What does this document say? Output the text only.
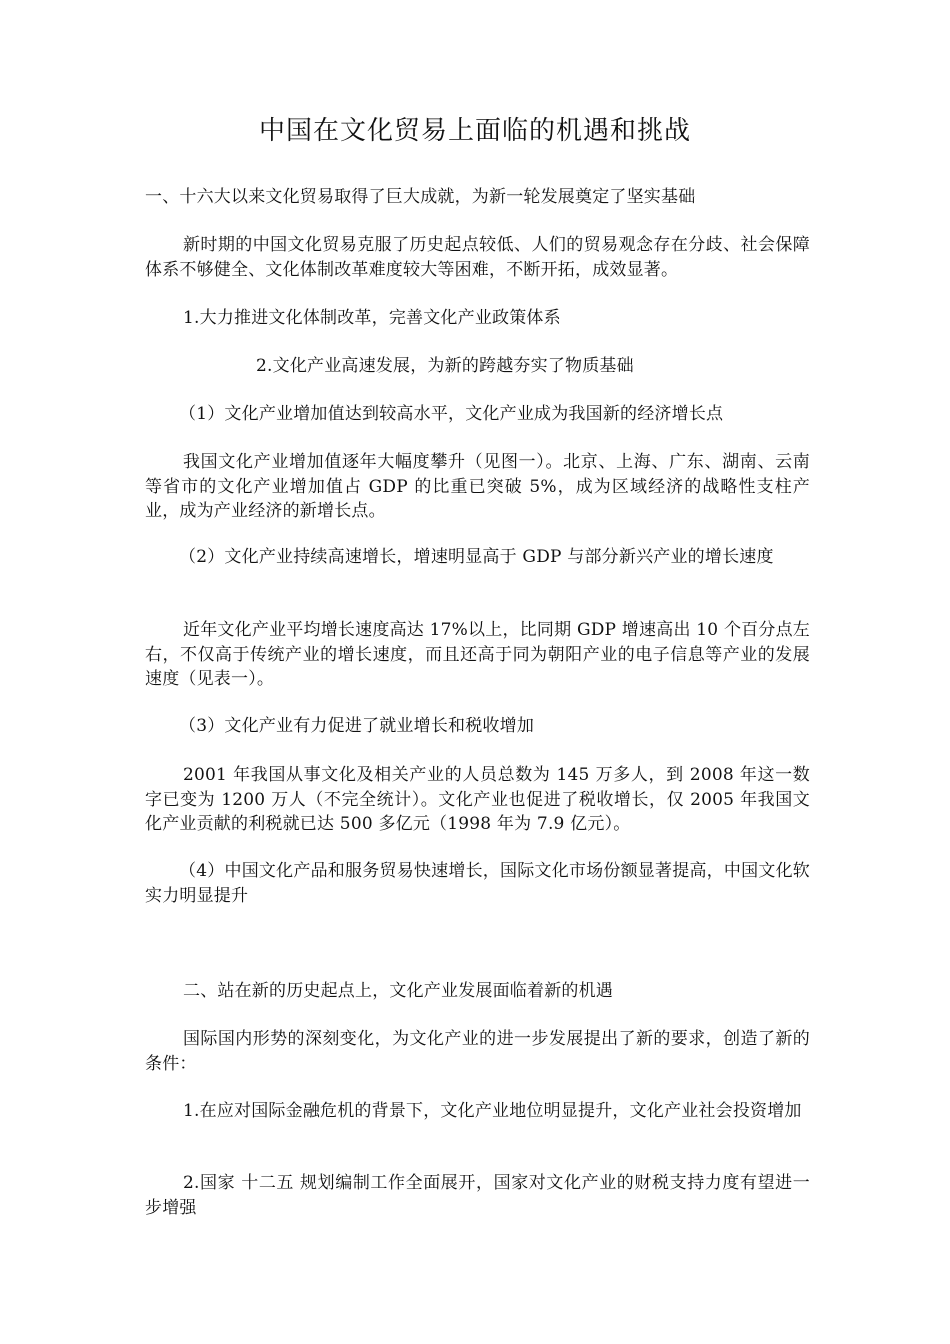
中国在文化贸易上面临的机遇和挑战

一、十六大以来文化贸易取得了巨大成就，为新一轮发展奠定了坚实基础

新时期的中国文化贸易克服了历史起点较低、人们的贸易观念存在分歧、社会保障体系不够健全、文化体制改革难度较大等困难，不断开拓，成效显著。

1.大力推进文化体制改革，完善文化产业政策体系

2.文化产业高速发展，为新的跨越夯实了物质基础

（1）文化产业增加值达到较高水平，文化产业成为我国新的经济增长点

我国文化产业增加值逐年大幅度攀升（见图一）。北京、上海、广东、湖南、云南等省市的文化产业增加值占 GDP 的比重已突破 5%，成为区域经济的战略性支柱产业，成为产业经济的新增长点。

（2）文化产业持续高速增长，增速明显高于 GDP 与部分新兴产业的增长速度

近年文化产业平均增长速度高达 17%以上，比同期 GDP 增速高出 10 个百分点左右，不仅高于传统产业的增长速度，而且还高于同为朝阳产业的电子信息等产业的发展速度（见表一）。

（3）文化产业有力促进了就业增长和税收增加

2001 年我国从事文化及相关产业的人员总数为 145 万多人，到 2008 年这一数字已变为 1200 万人（不完全统计）。文化产业也促进了税收增长，仅 2005 年我国文化产业贡献的利税就已达 500 多亿元（1998 年为 7.9 亿元）。

（4）中国文化产品和服务贸易快速增长，国际文化市场份额显著提高，中国文化软实力明显提升

二、站在新的历史起点上，文化产业发展面临着新的机遇

国际国内形势的深刻变化，为文化产业的进一步发展提出了新的要求，创造了新的条件：

1.在应对国际金融危机的背景下，文化产业地位明显提升，文化产业社会投资增加

2.国家 十二五 规划编制工作全面展开，国家对文化产业的财税支持力度有望进一步增强
